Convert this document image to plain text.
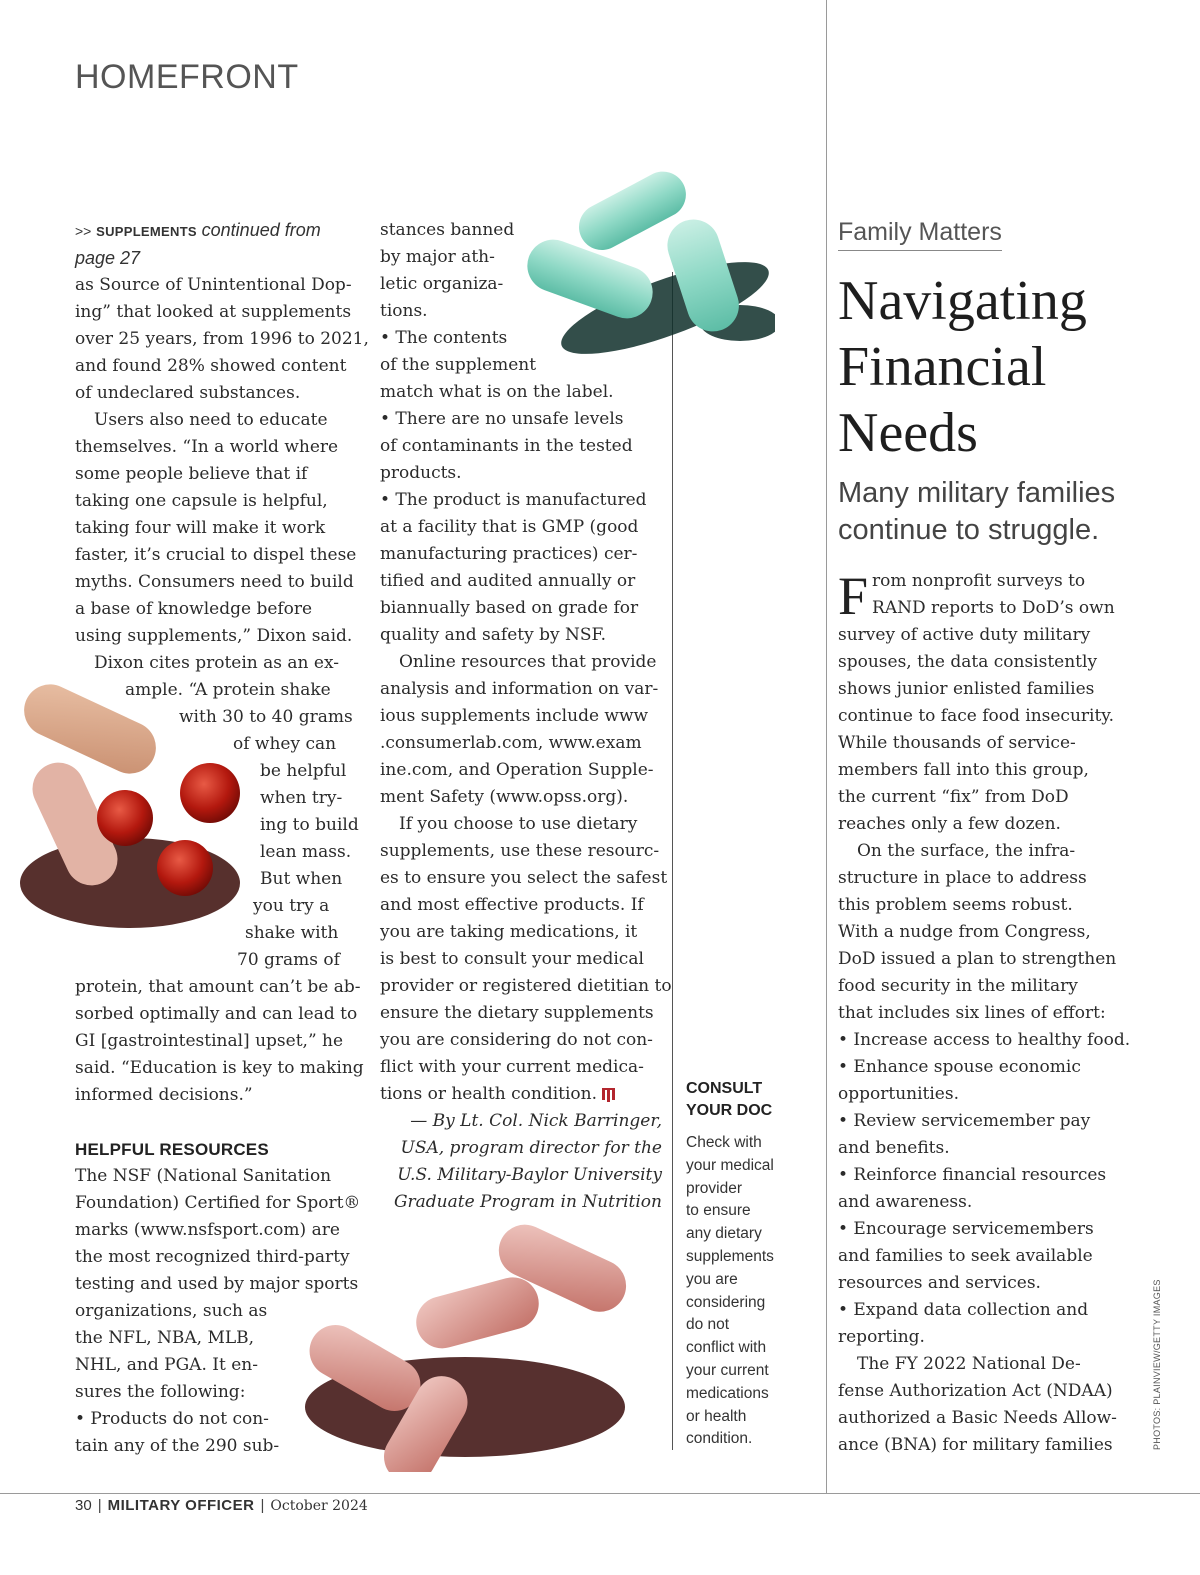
HOMEFRONT
>> SUPPLEMENTS continued from
page 27
as Source of Unintentional Dop-
ing” that looked at supplements
over 25 years, from 1996 to 2021,
and found 28% showed content
of undeclared substances.
Users also need to educate
themselves. “In a world where
some people believe that if
taking one capsule is helpful,
taking four will make it work
faster, it’s crucial to dispel these
myths. Consumers need to build
a base of knowledge before
using supplements,” Dixon said.
Dixon cites protein as an ex-
ample. “A protein shake
with 30 to 40 grams
of whey can
be helpful
when try-
ing to build
lean mass.
But when
you try a
shake with
70 grams of
protein, that amount can’t be ab-
sorbed optimally and can lead to
GI [gastrointestinal] upset,” he
said. “Education is key to making
informed decisions.”
HELPFUL RESOURCES
The NSF (National Sanitation
Foundation) Certified for Sport®
marks (www.nsfsport.com) are
the most recognized third-party
testing and used by major sports
organizations, such as
the NFL, NBA, MLB,
NHL, and PGA. It en-
sures the following:
• Products do not con-
tain any of the 290 sub-
stances banned
by major ath-
letic organiza-
tions.
• The contents
of the supplement
match what is on the label.
• There are no unsafe levels
of contaminants in the tested
products.
• The product is manufactured
at a facility that is GMP (good
manufacturing practices) cer-
tified and audited annually or
biannually based on grade for
quality and safety by NSF.
Online resources that provide
analysis and information on var-
ious supplements include www
.consumerlab.com, www.exam
ine.com, and Operation Supple-
ment Safety (www.opss.org).
If you choose to use dietary
supplements, use these resourc-
es to ensure you select the safest
and most effective products. If
you are taking medications, it
is best to consult your medical
provider or registered dietitian to
ensure the dietary supplements
you are considering do not con-
flict with your current medica-
tions or health condition.
— By Lt. Col. Nick Barringer,
USA, program director for the
U.S. Military-Baylor University
Graduate Program in Nutrition
CONSULT
YOUR DOC
Check with
your medical
provider
to ensure
any dietary
supplements
you are
considering
do not
conflict with
your current
medications
or health
condition.
Family Matters
Navigating
Financial
Needs
Many military families
continue to struggle.
F rom nonprofit surveys to
RAND reports to DoD’s own
survey of active duty military
spouses, the data consistently
shows junior enlisted families
continue to face food insecurity.
While thousands of service-
members fall into this group,
the current “fix” from DoD
reaches only a few dozen.
On the surface, the infra-
structure in place to address
this problem seems robust.
With a nudge from Congress,
DoD issued a plan to strengthen
food security in the military
that includes six lines of effort:
• Increase access to healthy food.
• Enhance spouse economic
opportunities.
• Review servicemember pay
and benefits.
• Reinforce financial resources
and awareness.
• Encourage servicemembers
and families to seek available
resources and services.
• Expand data collection and
reporting.
The FY 2022 National De-
fense Authorization Act (NDAA)
authorized a Basic Needs Allow-
ance (BNA) for military families	PHOTOS: PLAINVIEW/GETTY IMAGES
30 | MILITARY OFFICER | October 2024
